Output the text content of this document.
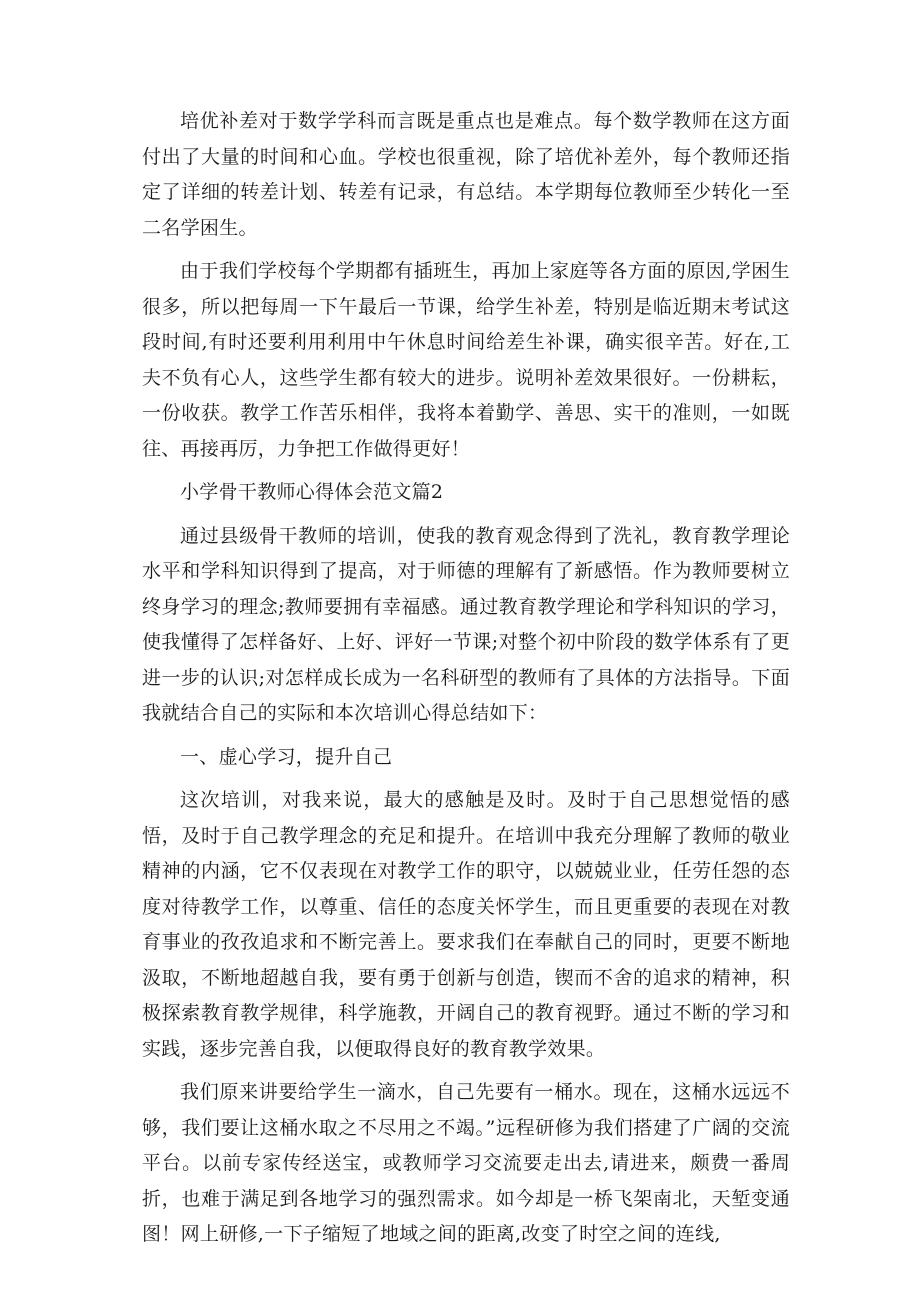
培优补差对于数学学科而言既是重点也是难点。每个数学教师在这方面付出了大量的时间和心血。学校也很重视，除了培优补差外，每个教师还指定了详细的转差计划、转差有记录，有总结。本学期每位教师至少转化一至二名学困生。

由于我们学校每个学期都有插班生，再加上家庭等各方面的原因,学困生很多，所以把每周一下午最后一节课，给学生补差，特别是临近期末考试这段时间,有时还要利用利用中午休息时间给差生补课，确实很辛苦。好在,工夫不负有心人，这些学生都有较大的进步。说明补差效果很好。一份耕耘，一份收获。教学工作苦乐相伴，我将本着勤学、善思、实干的准则，一如既往、再接再厉，力争把工作做得更好！

小学骨干教师心得体会范文篇2

通过县级骨干教师的培训，使我的教育观念得到了洗礼，教育教学理论水平和学科知识得到了提高，对于师德的理解有了新感悟。作为教师要树立终身学习的理念;教师要拥有幸福感。通过教育教学理论和学科知识的学习，使我懂得了怎样备好、上好、评好一节课;对整个初中阶段的数学体系有了更进一步的认识;对怎样成长成为一名科研型的教师有了具体的方法指导。下面我就结合自己的实际和本次培训心得总结如下：

一、虚心学习，提升自己

这次培训，对我来说，最大的感触是及时。及时于自己思想觉悟的感悟，及时于自己教学理念的充足和提升。在培训中我充分理解了教师的敬业精神的内涵，它不仅表现在对教学工作的职守，以兢兢业业，任劳任怨的态度对待教学工作，以尊重、信任的态度关怀学生，而且更重要的表现在对教育事业的孜孜追求和不断完善上。要求我们在奉献自己的同时，更要不断地汲取，不断地超越自我，要有勇于创新与创造，锲而不舍的追求的精神，积极探索教育教学规律，科学施教，开阔自己的教育视野。通过不断的学习和实践，逐步完善自我，以便取得良好的教育教学效果。

我们原来讲要给学生一滴水，自己先要有一桶水。现在，这桶水远远不够，我们要让这桶水取之不尽用之不竭。”远程研修为我们搭建了广阔的交流平台。以前专家传经送宝，或教师学习交流要走出去,请进来，颇费一番周折，也难于满足到各地学习的强烈需求。如今却是一桥飞架南北，天堑变通图！网上研修,一下子缩短了地域之间的距离,改变了时空之间的连线,
